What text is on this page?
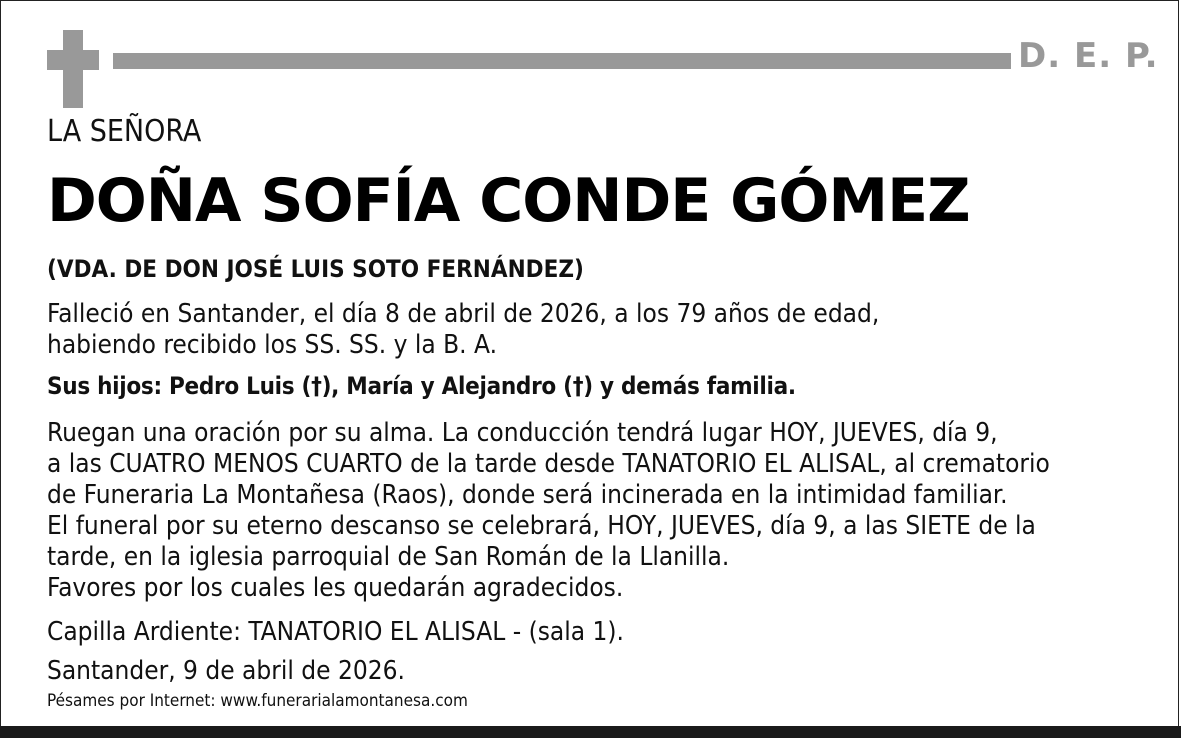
D. E. P.
LA SEÑORA
DOÑA SOFÍA CONDE GÓMEZ
(VDA. DE DON JOSÉ LUIS SOTO FERNÁNDEZ)
Falleció en Santander, el día 8 de abril de 2026, a los 79 años de edad,
habiendo recibido los SS. SS. y la B. A.
Sus hijos: Pedro Luis (†), María y Alejandro (†) y demás familia.
Ruegan una oración por su alma. La conducción tendrá lugar HOY, JUEVES, día 9,
a las CUATRO MENOS CUARTO de la tarde desde TANATORIO EL ALISAL, al crematorio
de Funeraria La Montañesa (Raos), donde será incinerada en la intimidad familiar.
El funeral por su eterno descanso se celebrará, HOY, JUEVES, día 9, a las SIETE de la
tarde, en la iglesia parroquial de San Román de la Llanilla.
Favores por los cuales les quedarán agradecidos.
Capilla Ardiente: TANATORIO EL ALISAL - (sala 1).
Santander, 9 de abril de 2026.
Pésames por Internet: www.funerarialamontanesa.com
